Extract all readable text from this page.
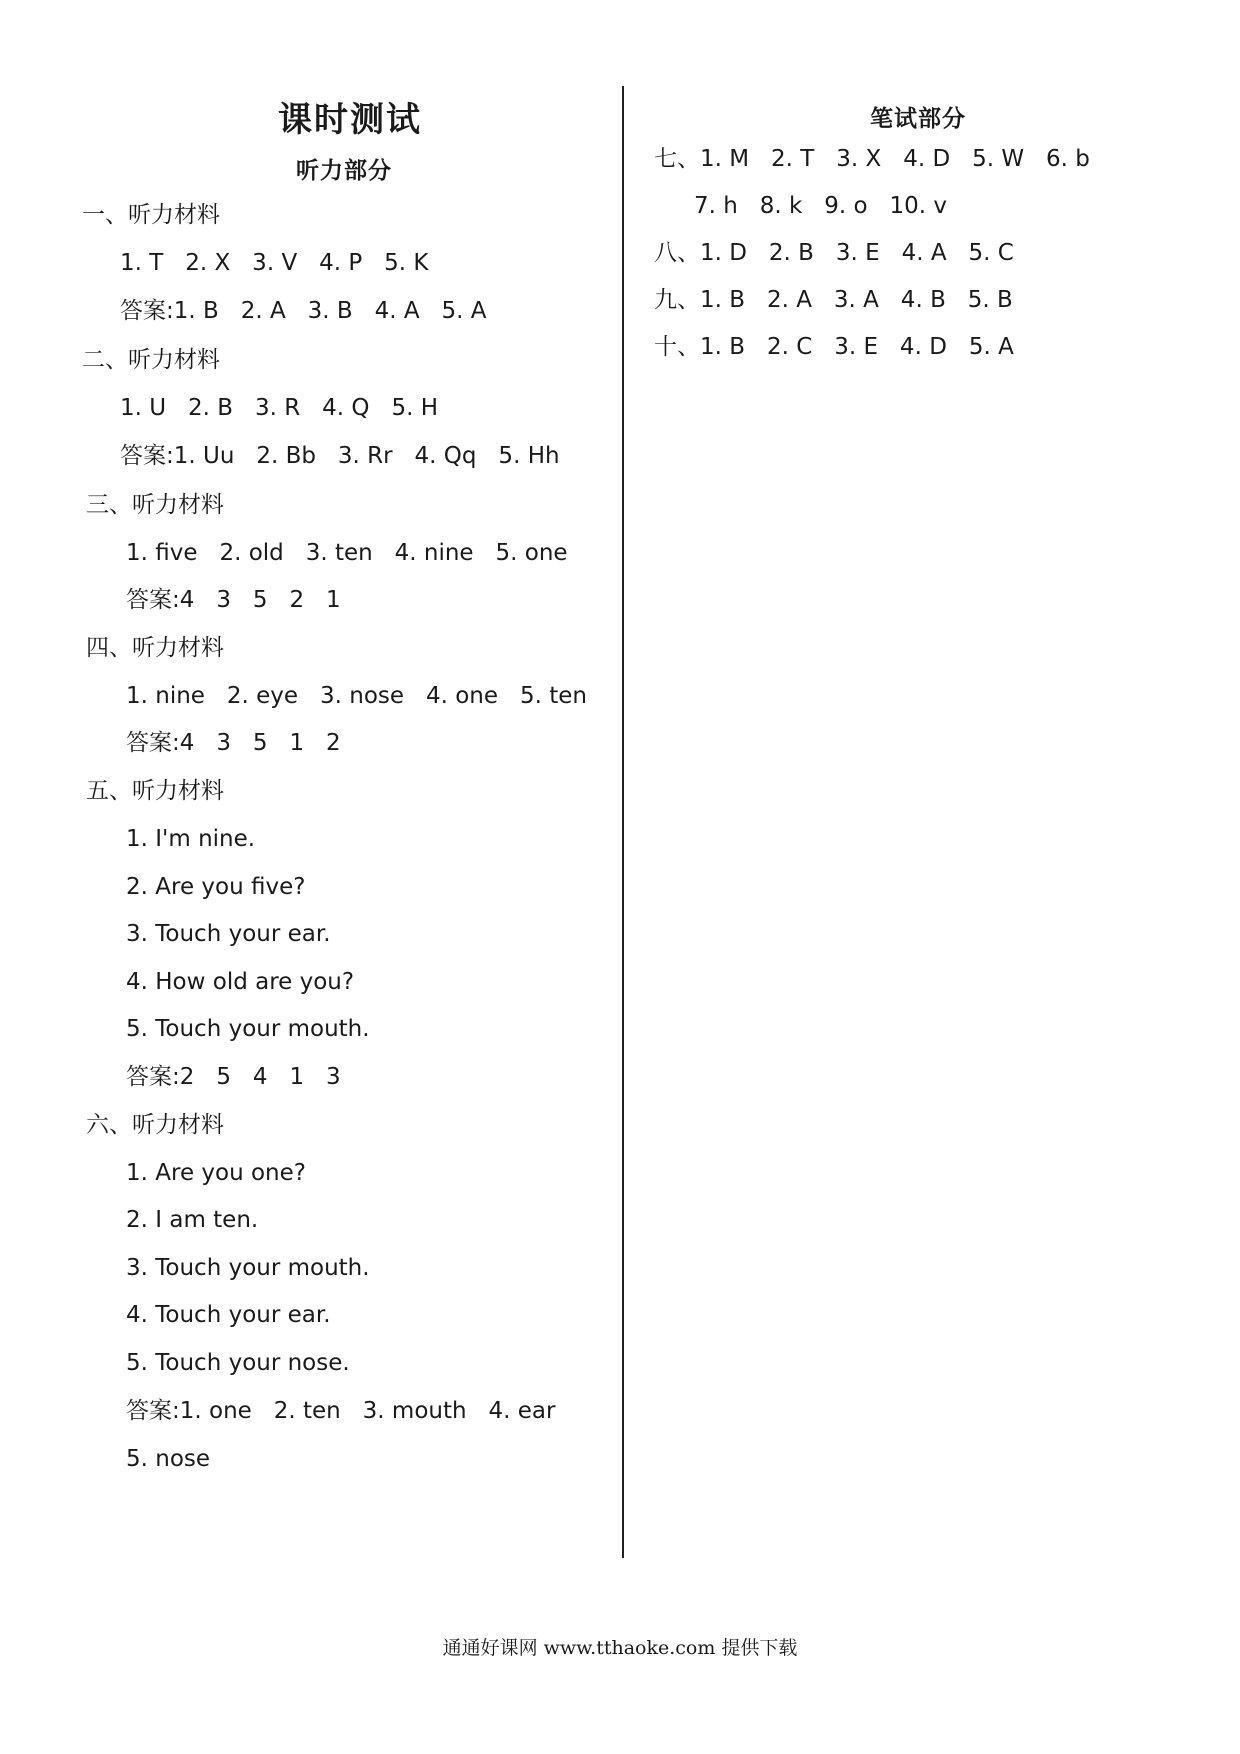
课时测试
听力部分
一、听力材料
1. T   2. X   3. V   4. P   5. K
答案:1. B   2. A   3. B   4. A   5. A
二、听力材料
1. U   2. B   3. R   4. Q   5. H
答案:1. Uu   2. Bb   3. Rr   4. Qq   5. Hh
三、听力材料
1. five   2. old   3. ten   4. nine   5. one
答案:4   3   5   2   1
四、听力材料
1. nine   2. eye   3. nose   4. one   5. ten
答案:4   3   5   1   2
五、听力材料
1. I'm nine.
2. Are you five?
3. Touch your ear.
4. How old are you?
5. Touch your mouth.
答案:2   5   4   1   3
六、听力材料
1. Are you one?
2. I am ten.
3. Touch your mouth.
4. Touch your ear.
5. Touch your nose.
答案:1. one   2. ten   3. mouth   4. ear
5. nose
笔试部分
七、1. M   2. T   3. X   4. D   5. W   6. b
7. h   8. k   9. o   10. v
八、1. D   2. B   3. E   4. A   5. C
九、1. B   2. A   3. A   4. B   5. B
十、1. B   2. C   3. E   4. D   5. A
通通好课网 www.tthaoke.com 提供下载
